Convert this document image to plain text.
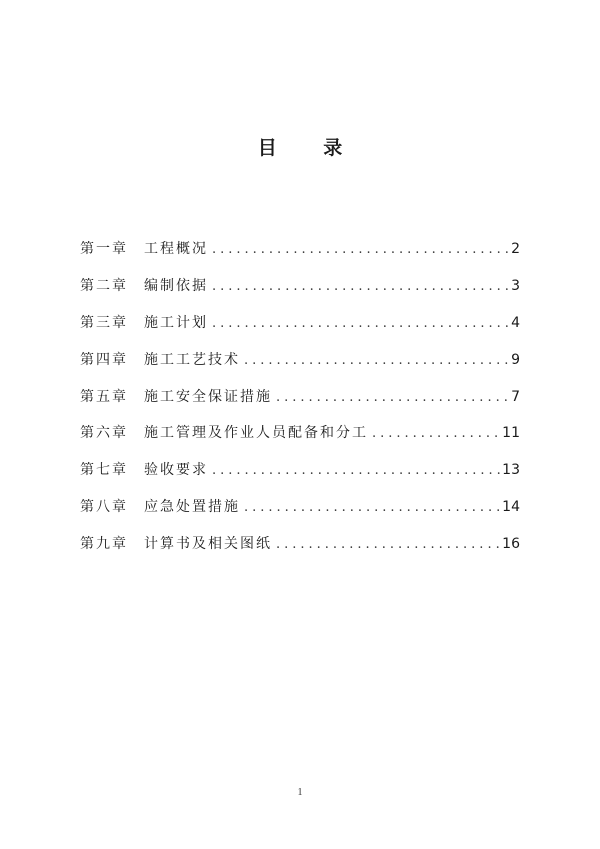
目 录
第一章	工程概况 .....	2
第二章	编制依据 .....	3
第三章	施工计划 .....	4
第四章	施工工艺技术 .....	9
第五章	施工安全保证措施 .....	7
第六章	施工管理及作业人员配备和分工 .....	11
第七章	验收要求 .....	13
第八章	应急处置措施 .....	14
第九章	计算书及相关图纸 .....	16
1
